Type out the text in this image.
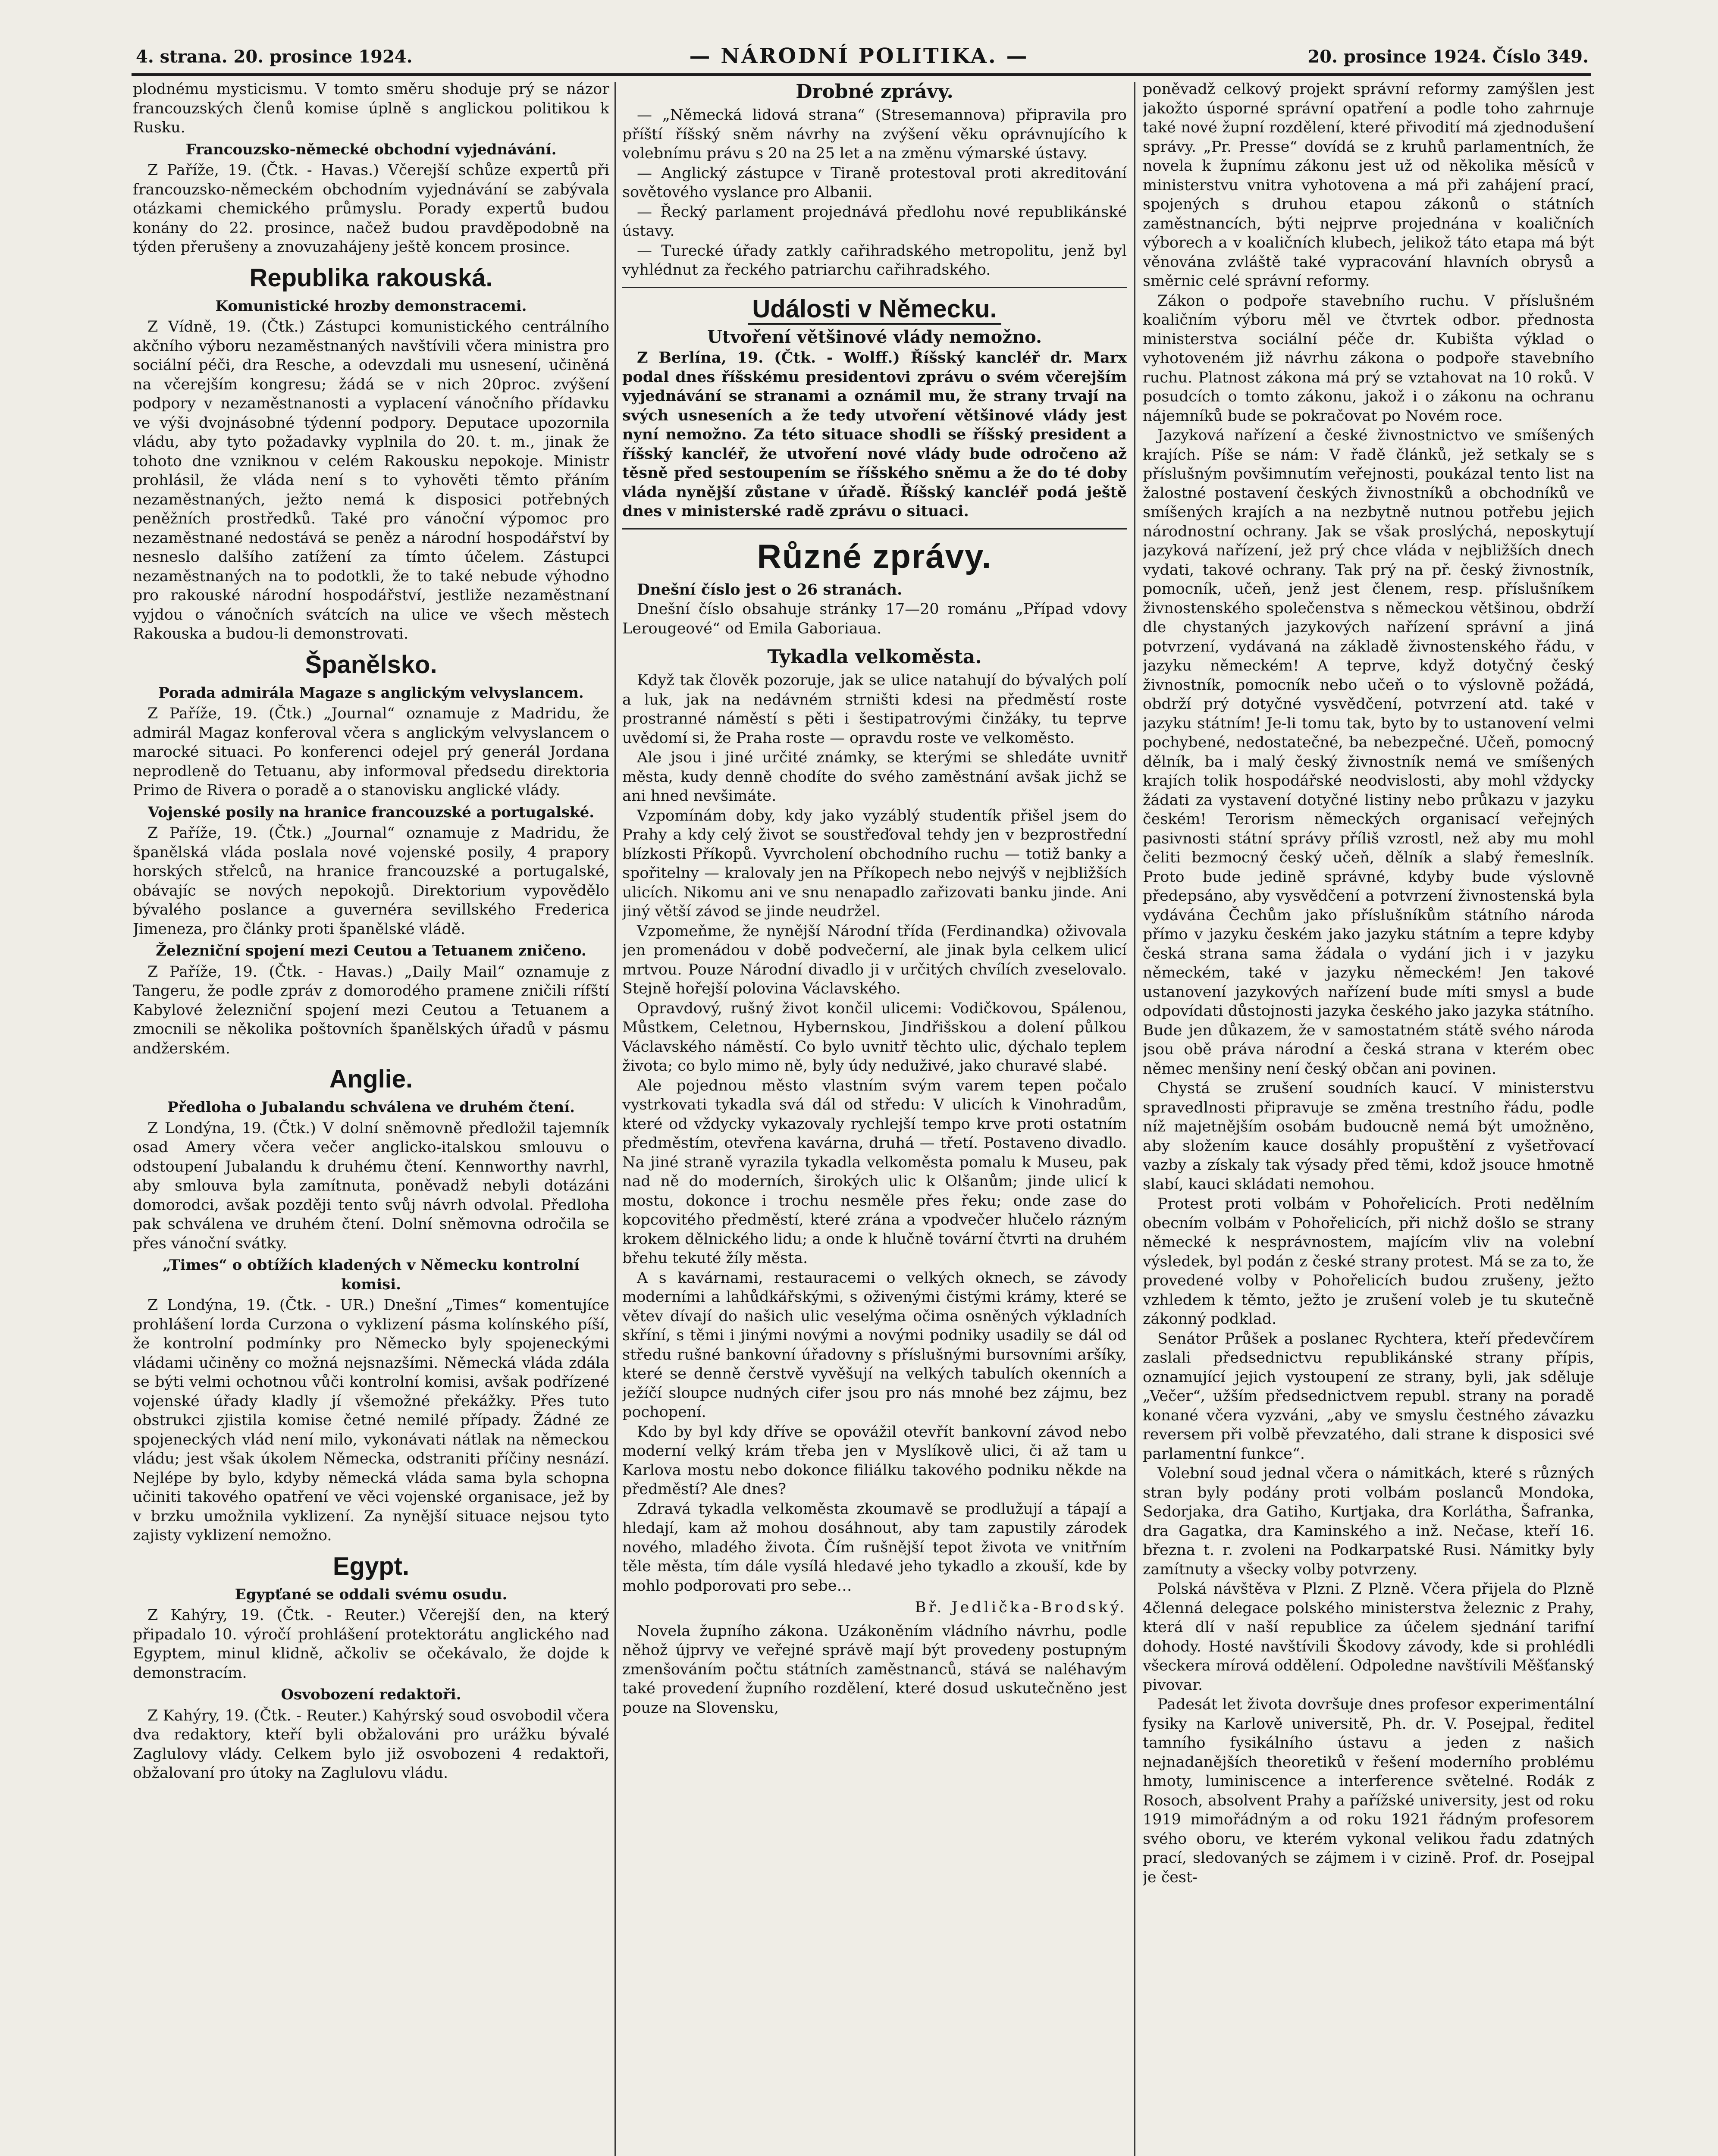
4. strana. 20. prosince 1924.	— NÁRODNÍ POLITIKA. —	20. prosince 1924. Číslo 349.

plodnému mysticismu. V tomto směru shoduje prý se názor francouzských členů komise úplně s anglickou politikou k Rusku.

Francouzsko-německé obchodní vyjednávání.

Z Paříže, 19. (Čtk. - Havas.) Včerejší schůze expertů při francouzsko-německém obchodním vyjednávání se zabývala otázkami chemického průmyslu. Porady expertů budou konány do 22. prosince, načež budou pravděpodobně na týden přerušeny a znovuzahájeny ještě koncem prosince.

Republika rakouská.
Komunistické hrozby demonstracemi.

Z Vídně, 19. (Čtk.) Zástupci komunistického centrálního akčního výboru nezaměstnaných navštívili včera ministra pro sociální péči, dra Resche, a odevzdali mu usnesení, učiněná na včerejším kongresu; žádá se v nich 20proc. zvýšení podpory v nezaměstnanosti a vyplacení vánočního přídavku ve výši dvojnásobné týdenní podpory. Deputace upozornila vládu, aby tyto požadavky vyplnila do 20. t. m., jinak že tohoto dne vzniknou v celém Rakousku nepokoje. Ministr prohlásil, že vláda není s to vyhověti těmto přáním nezaměstnaných, ježto nemá k disposici potřebných peněžních prostředků. Také pro vánoční výpomoc pro nezaměstnané nedostává se peněz a národní hospodářství by nesneslo dalšího zatížení za tímto účelem. Zástupci nezaměstnaných na to podotkli, že to také nebude výhodno pro rakouské národní hospodářství, jestliže nezaměstnaní vyjdou o vánočních svátcích na ulice ve všech městech Rakouska a budou-li demonstrovati.

Španělsko.
Porada admirála Magaze s anglickým velvyslancem.

Z Paříže, 19. (Čtk.) „Journal“ oznamuje z Madridu, že admirál Magaz konferoval včera s anglickým velvyslancem o marocké situaci. Po konferenci odejel prý generál Jordana neprodleně do Tetuanu, aby informoval předsedu direktoria Primo de Rivera o poradě a o stanovisku anglické vlády.

Vojenské posily na hranice francouzské a portugalské.

Z Paříže, 19. (Čtk.) „Journal“ oznamuje z Madridu, že španělská vláda poslala nové vojenské posily, 4 prapory horských střelců, na hranice francouzské a portugalské, obávajíc se nových nepokojů. Direktorium vypovědělo bývalého poslance a guvernéra sevillského Frederica Jimeneza, pro články proti španělské vládě.

Železniční spojení mezi Ceutou a Tetuanem zničeno.

Z Paříže, 19. (Čtk. - Havas.) „Daily Mail“ oznamuje z Tangeru, že podle zpráv z domorodého pramene zničili rífští Kabylové železniční spojení mezi Ceutou a Tetuanem a zmocnili se několika poštovních španělských úřadů v pásmu andžerském.

Anglie.
Předloha o Jubalandu schválena ve druhém čtení.

Z Londýna, 19. (Čtk.) V dolní sněmovně předložil tajemník osad Amery včera večer anglicko-italskou smlouvu o odstoupení Jubalandu k druhému čtení. Kennworthy navrhl, aby smlouva byla zamítnuta, poněvadž nebyli dotázáni domorodci, avšak později tento svůj návrh odvolal. Předloha pak schválena ve druhém čtení. Dolní sněmovna odročila se přes vánoční svátky.

„Times“ o obtížích kladených v Německu kontrolní komisi.

Z Londýna, 19. (Čtk. - UR.) Dnešní „Times“ komentujíce prohlášení lorda Curzona o vyklizení pásma kolínského píší, že kontrolní podmínky pro Německo byly spojeneckými vládami učiněny co možná nejsnazšími. Německá vláda zdála se býti velmi ochotnou vůči kontrolní komisi, avšak podřízené vojenské úřady kladly jí všemožné překážky. Přes tuto obstrukci zjistila komise četné nemilé případy. Žádné ze spojeneckých vlád není milo, vykonávati nátlak na německou vládu; jest však úkolem Německa, odstraniti příčiny nesnází. Nejlépe by bylo, kdyby německá vláda sama byla schopna učiniti takového opatření ve věci vojenské organisace, jež by v brzku umožnila vyklizení. Za nynější situace nejsou tyto zajisty vyklizení nemožno.

Egypt.
Egypťané se oddali svému osudu.

Z Kahýry, 19. (Čtk. - Reuter.) Včerejší den, na který připadalo 10. výročí prohlášení protektorátu anglického nad Egyptem, minul klidně, ačkoliv se očekávalo, že dojde k demonstracím.

Osvobození redaktoři.

Z Kahýry, 19. (Čtk. - Reuter.) Kahýrský soud osvobodil včera dva redaktory, kteří byli obžalováni pro urážku bývalé Zaglulovy vlády. Celkem bylo již osvobozeni 4 redaktoři, obžalovaní pro útoky na Zaglulovu vládu.

Drobné zprávy.

— „Německá lidová strana“ (Stresemannova) připravila pro příští říšský sněm návrhy na zvýšení věku oprávnujícího k volebnímu právu s 20 na 25 let a na změnu výmarské ústavy.

— Anglický zástupce v Tiraně protestoval proti akreditování sovětového vyslance pro Albanii.

— Řecký parlament projednává předlohu nové republikánské ústavy.

— Turecké úřady zatkly cařihradského metropolitu, jenž byl vyhlédnut za řeckého patriarchu cařihradského.

Události v Německu.
Utvoření většinové vlády nemožno.

Z Berlína, 19. (Čtk. - Wolff.) Říšský kancléř dr. Marx podal dnes říšskému presidentovi zprávu o svém včerejším vyjednávání se stranami a oznámil mu, že strany trvají na svých usneseních a že tedy utvoření většinové vlády jest nyní nemožno. Za této situace shodli se říšský president a říšský kancléř, že utvoření nové vlády bude odročeno až těsně před sestoupením se říšského sněmu a že do té doby vláda nynější zůstane v úřadě. Říšský kancléř podá ještě dnes v ministerské radě zprávu o situaci.

Různé zprávy.

Dnešní číslo jest o 26 stranách.

Dnešní číslo obsahuje stránky 17—20 románu „Případ vdovy Lerougeové“ od Emila Gaboriaua.

Tykadla velkoměsta.

Když tak člověk pozoruje, jak se ulice natahují do bývalých polí a luk, jak na nedávném strništi kdesi na předměstí roste prostranné náměstí s pěti i šestipatrovými činžáky, tu teprve uvědomí si, že Praha roste — opravdu roste ve velkoměsto.

Ale jsou i jiné určité známky, se kterými se shledáte uvnitř města, kudy denně chodíte do svého zaměstnání avšak jichž se ani hned nevšimáte.

Vzpomínám doby, kdy jako vyzáblý studentík přišel jsem do Prahy a kdy celý život se soustřeďoval tehdy jen v bezprostřední blízkosti Příkopů. Vyvrcholení obchodního ruchu — totiž banky a spořitelny — kralovaly jen na Příkopech nebo nejvýš v nejbližších ulicích. Nikomu ani ve snu nenapadlo zařizovati banku jinde. Ani jiný větší závod se jinde neudržel.

Vzpomeňme, že nynější Národní třída (Ferdinandka) oživovala jen promenádou v době podvečerní, ale jinak byla celkem ulicí mrtvou. Pouze Národní divadlo ji v určitých chvílích zveselovalo. Stejně hořejší polovina Václavského.

Opravdový, rušný život končil ulicemi: Vodičkovou, Spálenou, Můstkem, Celetnou, Hybernskou, Jindřišskou a dolení půlkou Václavského náměstí. Co bylo uvnitř těchto ulic, dýchalo teplem života; co bylo mimo ně, byly údy neduživé, jako churavé slabé.

Ale pojednou město vlastním svým varem tepen počalo vystrkovati tykadla svá dál od středu: V ulicích k Vinohradům, které od vždycky vykazovaly rychlejší tempo krve proti ostatním předměstím, otevřena kavárna, druhá — třetí. Postaveno divadlo. Na jiné straně vyrazila tykadla velkoměsta pomalu k Museu, pak nad ně do moderních, širokých ulic k Olšanům; jinde ulicí k mostu, dokonce i trochu nesměle přes řeku; onde zase do kopcovitého předměstí, které zrána a vpodvečer hlučelo rázným krokem dělnického lidu; a onde k hlučně tovární čtvrti na druhém břehu tekuté žíly města.

A s kavárnami, restauracemi o velkých oknech, se závody moderními a lahůdkářskými, s oživenými čistými krámy, které se větev dívají do našich ulic veselýma očima osněných výkladních skříní, s těmi i jinými novými a novými podniky usadily se dál od středu rušné bankovní úřadovny s příslušnými bursovními aršíky, které se denně čerstvě vyvěšují na velkých tabulích okenních a ježíčí sloupce nudných cifer jsou pro nás mnohé bez zájmu, bez pochopení.

Kdo by byl kdy dříve se opovážil otevřít bankovní závod nebo moderní velký krám třeba jen v Myslíkově ulici, či až tam u Karlova mostu nebo dokonce filiálku takového podniku někde na předměstí? Ale dnes?

Zdravá tykadla velkoměsta zkoumavě se prodlužují a tápají a hledají, kam až mohou dosáhnout, aby tam zapustily zárodek nového, mladého života. Čím rušnější tepot života ve vnitřním těle města, tím dále vysílá hledavé jeho tykadlo a zkouší, kde by mohlo podporovati pro sebe…

Bř. Jedlička-Brodský.

Novela župního zákona. Uzákoněním vládního návrhu, podle něhož újprvy ve veřejné správě mají být provedeny postupným zmenšováním počtu státních zaměstnanců, stává se naléhavým také provedení župního rozdělení, které dosud uskutečněno jest pouze na Slovensku,

poněvadž celkový projekt správní reformy zamýšlen jest jakožto úsporné správní opatření a podle toho zahrnuje také nové župní rozdělení, které přivodití má zjednodušení správy. „Pr. Presse“ dovídá se z kruhů parlamentních, že novela k župnímu zákonu jest už od několika měsíců v ministerstvu vnitra vyhotovena a má při zahájení prací, spojených s druhou etapou zákonů o státních zaměstnancích, býti nejprve projednána v koaličních výborech a v koaličních klubech, jelikož táto etapa má být věnována zvláště také vypracování hlavních obrysů a směrnic celé správní reformy.

Zákon o podpoře stavebního ruchu. V příslušném koaličním výboru měl ve čtvrtek odbor. přednosta ministerstva sociální péče dr. Kubišta výklad o vyhotoveném již návrhu zákona o podpoře stavebního ruchu. Platnost zákona má prý se vztahovat na 10 roků. V posudcích o tomto zákonu, jakož i o zákonu na ochranu nájemníků bude se pokračovat po Novém roce.

Jazyková nařízení a české živnostnictvo ve smíšených krajích. Píše se nám: V řadě článků, jež setkaly se s příslušným povšimnutím veřejnosti, poukázal tento list na žalostné postavení českých živnostníků a obchodníků ve smíšených krajích a na nezbytně nutnou potřebu jejich národnostní ochrany. Jak se však proslýchá, neposkytují jazyková nařízení, jež prý chce vláda v nejbližších dnech vydati, takové ochrany. Tak prý na př. český živnostník, pomocník, učeň, jenž jest členem, resp. příslušníkem živnostenského společenstva s německou většinou, obdrží dle chystaných jazykových nařízení správní a jiná potvrzení, vydávaná na základě živnostenského řádu, v jazyku německém! A teprve, když dotyčný český živnostník, pomocník nebo učeň o to výslovně požádá, obdrží prý dotyčné vysvědčení, potvrzení atd. také v jazyku státním! Je-li tomu tak, byto by to ustanovení velmi pochybené, nedostatečné, ba nebezpečné. Učeň, pomocný dělník, ba i malý český živnostník nemá ve smíšených krajích tolik hospodářské neodvislosti, aby mohl vždycky žádati za vystavení dotyčné listiny nebo průkazu v jazyku českém! Terorism německých organisací veřejných pasivnosti státní správy příliš vzrostl, než aby mu mohl čeliti bezmocný český učeň, dělník a slabý řemeslník. Proto bude jedině správné, kdyby bude výslovně předepsáno, aby vysvědčení a potvrzení živnostenská byla vydávána Čechům jako příslušníkům státního národa přímo v jazyku českém jako jazyku státním a tepre kdyby česká strana sama žádala o vydání jich i v jazyku německém, také v jazyku německém! Jen takové ustanovení jazykových nařízení bude míti smysl a bude odpovídati důstojnosti jazyka českého jako jazyka státního. Bude jen důkazem, že v samostatném státě svého národa jsou obě práva národní a česká strana v kterém obec němec menšiny není český občan ani povinen.

Chystá se zrušení soudních kaucí. V ministerstvu spravedlnosti připravuje se změna trestního řádu, podle níž majetnějším osobám budoucně nemá být umožněno, aby složením kauce dosáhly propuštění z vyšetřovací vazby a získaly tak výsady před těmi, kdož jsouce hmotně slabí, kauci skládati nemohou.

Protest proti volbám v Pohořelicích. Proti nedělním obecním volbám v Pohořelicích, při nichž došlo se strany německé k nesprávnostem, majícím vliv na volební výsledek, byl podán z české strany protest. Má se za to, že provedené volby v Pohořelicích budou zrušeny, ježto vzhledem k těmto, ježto je zrušení voleb je tu skutečně zákonný podklad.

Senátor Průšek a poslanec Rychtera, kteří předevčírem zaslali předsednictvu republikánské strany přípis, oznamující jejich vystoupení ze strany, byli, jak sděluje „Večer“, užším předsednictvem republ. strany na poradě konané včera vyzváni, „aby ve smyslu čestného závazku reversem při volbě převzatého, dali strane k disposici své parlamentní funkce“.

Volební soud jednal včera o námitkách, které s různých stran byly podány proti volbám poslanců Mondoka, Sedorjaka, dra Gatiho, Kurtjaka, dra Korláthа, Šafranka, dra Gagatka, dra Kaminského a inž. Nečase, kteří 16. března t. r. zvoleni na Podkarpatské Rusi. Námitky byly zamítnuty a všecky volby potvrzeny.

Polská návštěva v Plzni. Z Plzně. Včera přijela do Plzně 4členná delegace polského ministerstva železnic z Prahy, která dlí v naší republice za účelem sjednání tarifní dohody. Hosté navštívili Škodovy závody, kde si prohlédli všeckera mírová oddělení. Odpoledne navštívili Měšťanský pivovar.

Padesát let života dovršuje dnes profesor experimentální fysiky na Karlově universitě, Ph. dr. V. Posejpal, ředitel tamního fysikálního ústavu a jeden z našich nejnadanějších theoretiků v řešení moderního problému hmoty, luminiscence a interference světelné. Rodák z Rosoch, absolvent Prahy a pařížské university, jest od roku 1919 mimořádným a od roku 1921 řádným profesorem svého oboru, ve kterém vykonal velikou řadu zdatných prací, sledovaných se zájmem i v cizině. Prof. dr. Posejpal je čest-
